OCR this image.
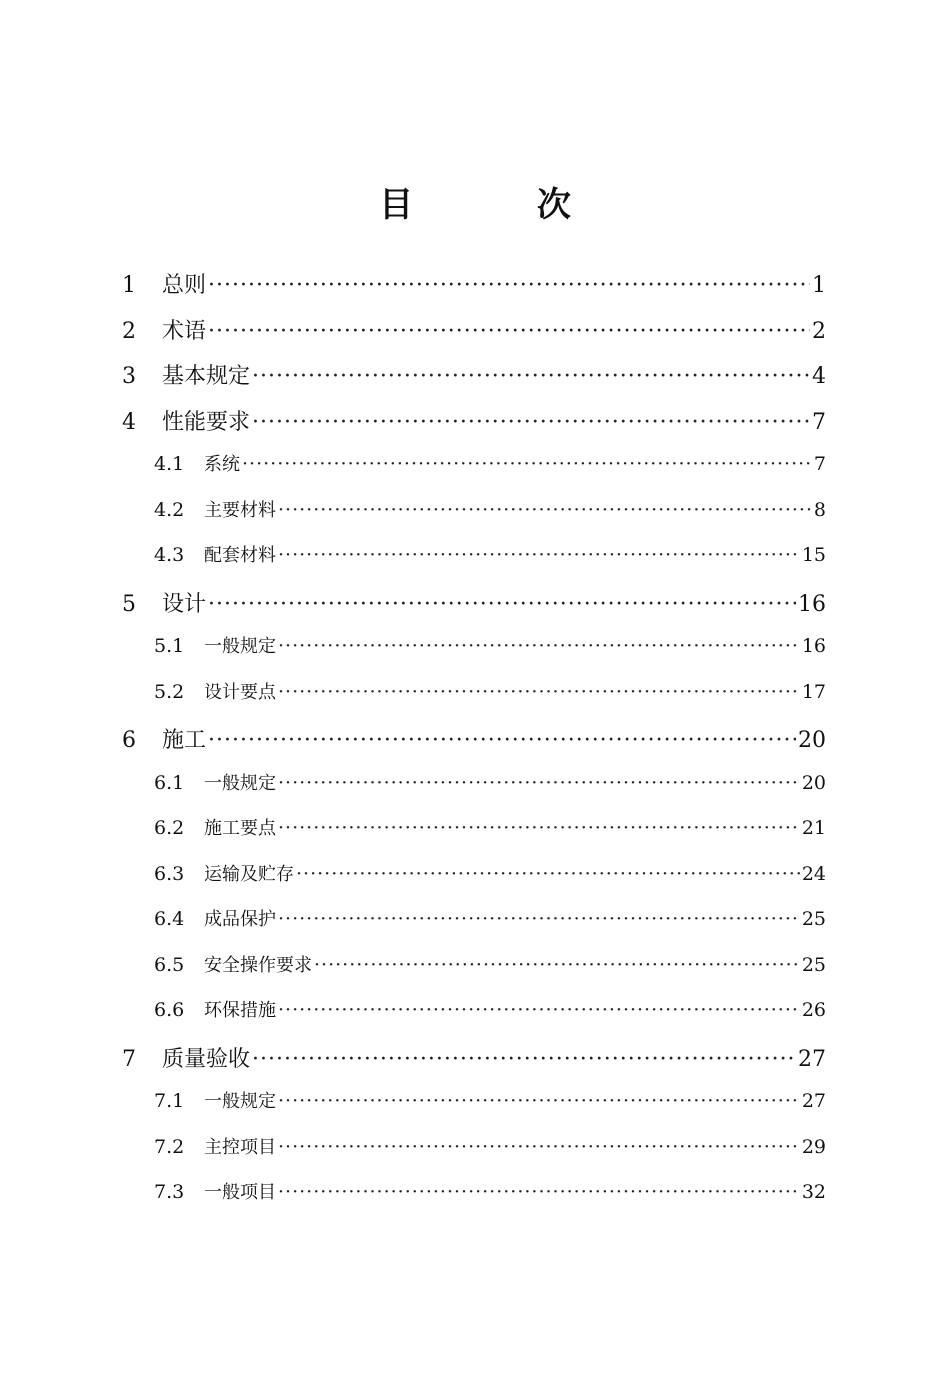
目 次
1	总则 ·····	1
2	术语 ·····	2
3	基本规定 ·····	4
4	性能要求 ·····	7
4.1	系统 ·····	7
4.2	主要材料 ·····	8
4.3	配套材料 ·····	15
5	设计 ·····	16
5.1	一般规定 ·····	16
5.2	设计要点 ·····	17
6	施工 ·····	20
6.1	一般规定 ·····	20
6.2	施工要点 ·····	21
6.3	运输及贮存 ·····	24
6.4	成品保护 ·····	25
6.5	安全操作要求 ·····	25
6.6	环保措施 ·····	26
7	质量验收 ·····	27
7.1	一般规定 ·····	27
7.2	主控项目 ·····	29
7.3	一般项目 ·····	32
